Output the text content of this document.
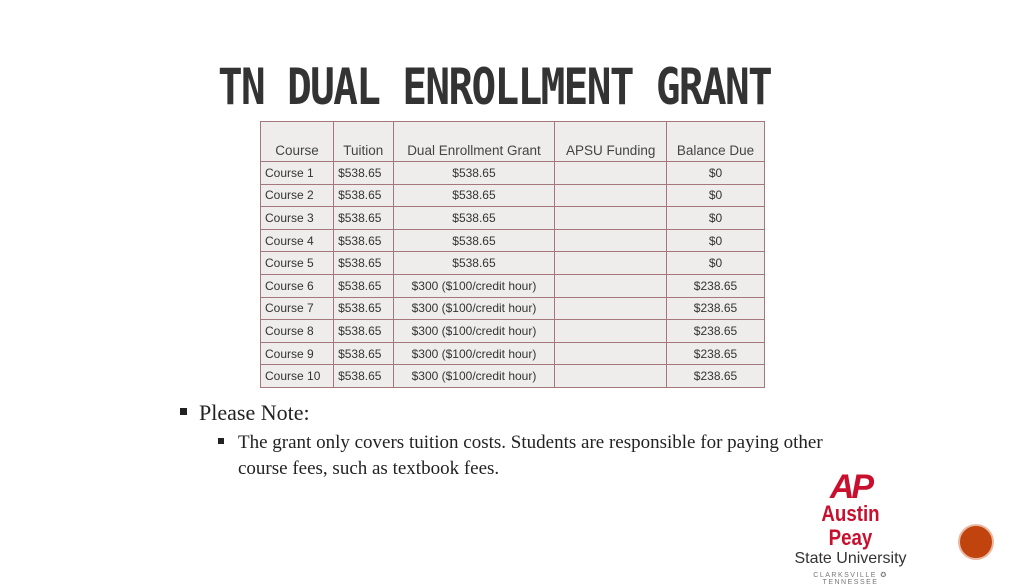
TN DUAL ENROLLMENT GRANT
Course	Tuition	Dual Enrollment Grant	APSU Funding	Balance Due
Course 1	$538.65	$538.65		$0
Course 2	$538.65	$538.65		$0
Course 3	$538.65	$538.65		$0
Course 4	$538.65	$538.65		$0
Course 5	$538.65	$538.65		$0
Course 6	$538.65	$300 ($100/credit hour)		$238.65
Course 7	$538.65	$300 ($100/credit hour)		$238.65
Course 8	$538.65	$300 ($100/credit hour)		$238.65
Course 9	$538.65	$300 ($100/credit hour)		$238.65
Course 10	$538.65	$300 ($100/credit hour)		$238.65
Please Note:
The grant only covers tuition costs. Students are responsible for paying other course fees, such as textbook fees.	AP
Austin Peay
State University
CLARKSVILLE ✪ TENNESSEE
